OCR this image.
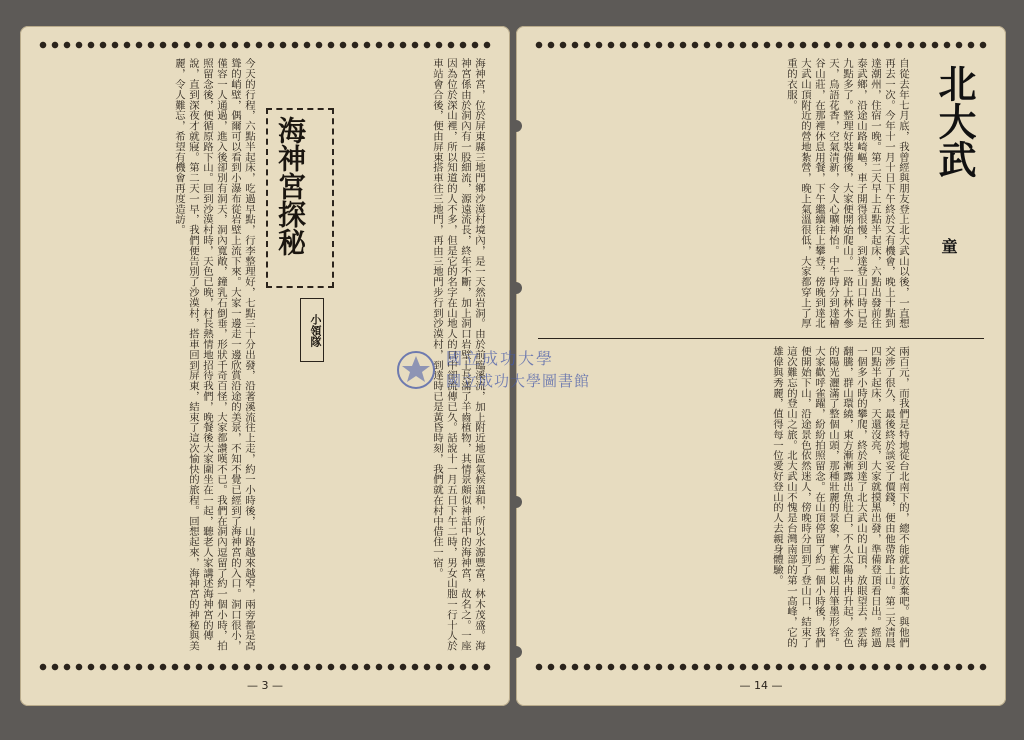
海神宮，位於屏東縣三地門鄉沙漠村境內，是一天然岩洞。由於前臨溪流，加上附近地區氣候溫和，所以水源豐富，林木茂盛。海神宮係由於洞內有一股細流，源遠流長，終年不斷，加上洞口岩壁上長滿了羊齒植物，其情景頗似神話中的海神宮，故名之。一座因為位於深山裡，所以知道的人不多，但是它的名字在山地人的口中卻流傳已久。話說十一月五日下午二時，男女山胞一行十人於車站會合後，便由屏東搭車往三地門，再由三地門步行到沙漠村，到達時已是黃昏時刻，我們就在村中借住一宿。
海神宮探秘
小領隊
今天的行程，六點半起床，吃過早點，行李整理好，七點三十分出發，沿著溪流往上走，約一小時後，山路越來越窄，兩旁都是高聳的峭壁，偶爾可以看到小瀑布從岩壁上流下來。大家一邊走一邊欣賞沿途的美景，不知不覺已經到了海神宮的入口。洞口很小，僅容一人通過，進入後卻別有洞天，洞內寬敞，鐘乳石倒垂，形狀千奇百怪，大家都讚嘆不已。我們在洞內逗留了約一個小時，拍照留念後，便循原路下山。回到沙漠村時，天色已晚，村長熱情地招待我們，晚餐後大家圍坐在一起，聽老人家講述海神宮的傳說，直到深夜才就寢。第二天一早，我們便告別了沙漠村，搭車回到屏東，結束了這次愉快的旅程。回想起來，海神宮的神秘與美麗，令人難忘，希望有機會再度造訪。
— 3 —
北大武
童
自從去年七月底，我曾經與朋友登上北大武山以後，一直想再去一次。今年十一月十日下午終於又有機會，晚上十點到達潮州，住宿一晚。第二天早上五點半起床，六點出發前往泰武鄉，沿途山路崎嶇，車子開得很慢，到達登山口時已是九點多了。整理好裝備後，大家便開始爬山。一路上林木參天，鳥語花香，空氣清新，令人心曠神怡。中午時分到達檜谷山莊，在那裡休息用餐，下午繼續往上攀登，傍晚到達北大武山頂附近的營地紮營，晚上氣溫很低，大家都穿上了厚重的衣服。
兩百元，而我們是特地從台北南下的，總不能就此放棄吧。與他們交涉了很久，最後終於談妥了價錢，便由他帶路上山。第二天清晨四點半起床，天還沒亮，大家就摸黑出發，準備登頂看日出。經過一個多小時的攀爬，終於到達了北大武山的山頂，放眼望去，雲海翻騰，群山環繞，東方漸漸露出魚肚白，不久太陽冉冉升起，金色的陽光灑滿了整個山頭，那種壯麗的景象，實在難以用筆墨形容。大家歡呼雀躍，紛紛拍照留念。在山頂停留了約一個小時後，我們便開始下山，沿途景色依然迷人，傍晚時分回到了登山口，結束了這次難忘的登山之旅。北大武山不愧是台灣南部的第一高峰，它的雄偉與秀麗，值得每一位愛好登山的人去親身體驗。
— 14 —
國立成功大學
國立成功大學圖書館
